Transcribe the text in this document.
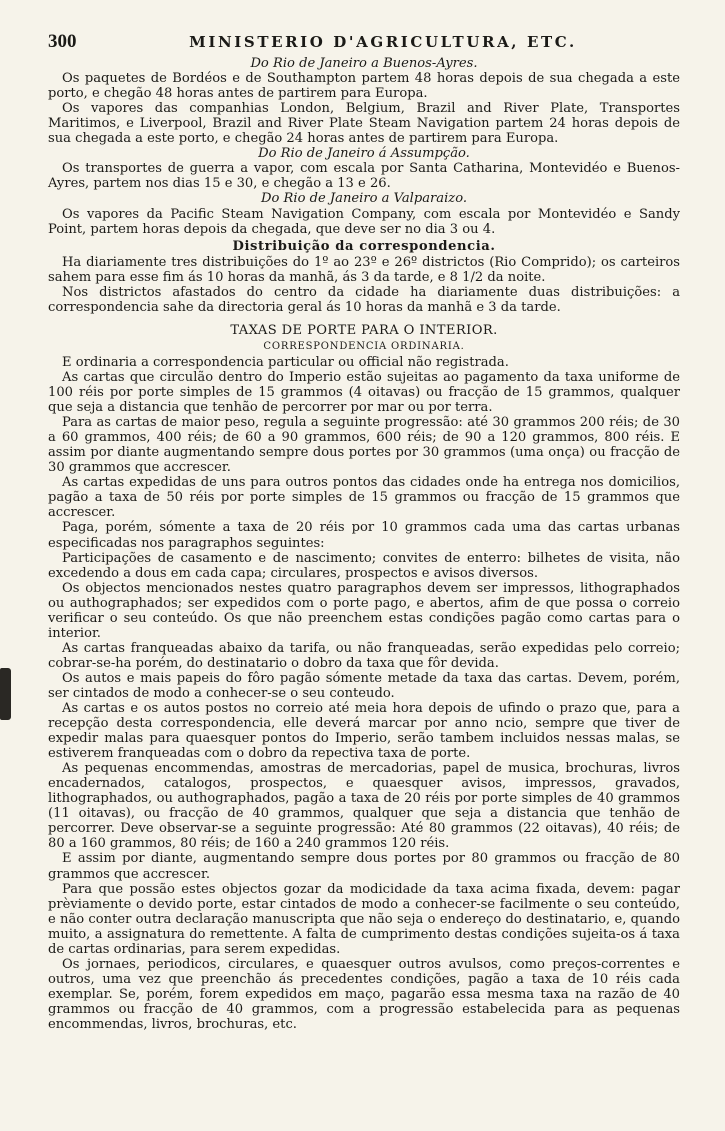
300	MINISTERIO D'AGRICULTURA, ETC.
Do Rio de Janeiro a Buenos-Ayres.

Os paquetes de Bordéos e de Southampton partem 48 horas depois de sua chegada a este porto, e chegão 48 horas antes de partirem para Europa.

Os vapores das companhias London, Belgium, Brazil and River Plate, Transportes Maritimos, e Liverpool, Brazil and River Plate Steam Navigation partem 24 horas depois de sua chegada a este porto, e chegão 24 horas antes de partirem para Europa.

Do Rio de Janeiro á Assumpção.

Os transportes de guerra a vapor, com escala por Santa Catharina, Montevidéo e Buenos-Ayres, partem nos dias 15 e 30, e chegão a 13 e 26.

Do Rio de Janeiro a Valparaizo.

Os vapores da Pacific Steam Navigation Company, com escala por Montevidéo e Sandy Point, partem horas depois da chegada, que deve ser no dia 3 ou 4.

Distribuição da correspondencia.

Ha diariamente tres distribuições do 1º ao 23º e 26º districtos (Rio Comprido); os carteiros sahem para esse fim ás 10 horas da manhã, ás 3 da tarde, e 8 1/2 da noite.

Nos districtos afastados do centro da cidade ha diariamente duas distribuições: a correspondencia sahe da directoria geral ás 10 horas da manhã e 3 da tarde.

TAXAS DE PORTE PARA O INTERIOR.
CORRESPONDENCIA ORDINARIA.

E ordinaria a correspondencia particular ou official não registrada.

As cartas que circulão dentro do Imperio estão sujeitas ao pagamento da taxa uniforme de 100 réis por porte simples de 15 grammos (4 oitavas) ou fracção de 15 grammos, qualquer que seja a distancia que tenhão de percorrer por mar ou por terra.

Para as cartas de maior peso, regula a seguinte progressão: até 30 grammos 200 réis; de 30 a 60 grammos, 400 réis; de 60 a 90 grammos, 600 réis; de 90 a 120 grammos, 800 réis. E assim por diante augmentando sempre dous portes por 30 grammos (uma onça) ou fracção de 30 grammos que accrescer.

As cartas expedidas de uns para outros pontos das cidades onde ha entrega nos domicilios, pagão a taxa de 50 réis por porte simples de 15 grammos ou fracção de 15 grammos que accrescer.

Paga, porém, sómente a taxa de 20 réis por 10 grammos cada uma das cartas urbanas especificadas nos paragraphos seguintes:

Participações de casamento e de nascimento; convites de enterro: bilhetes de visita, não excedendo a dous em cada capa; circulares, prospectos e avisos diversos.

Os objectos mencionados nestes quatro paragraphos devem ser impressos, lithographados ou authographados; ser expedidos com o porte pago, e abertos, afim de que possa o correio verificar o seu conteúdo. Os que não preenchem estas condições pagão como cartas para o interior.

As cartas franqueadas abaixo da tarifa, ou não franqueadas, serão expedidas pelo correio; cobrar-se-ha porém, do destinatario o dobro da taxa que fôr devida.

Os autos e mais papeis do fôro pagão sómente metade da taxa das cartas. Devem, porém, ser cintados de modo a conhecer-se o seu conteudo.

As cartas e os autos postos no correio até meia hora depois de ufindo o prazo que, para a recepção desta correspondencia, elle deverá marcar por anno ncio, sempre que tiver de expedir malas para quaesquer pontos do Imperio, serão tambem incluidos nessas malas, se estiverem franqueadas com o dobro da repectiva taxa de porte.

As pequenas encommendas, amostras de mercadorias, papel de musica, brochuras, livros encadernados, catalogos, prospectos, e quaesquer avisos, impressos, gravados, lithographados, ou authographados, pagão a taxa de 20 réis por porte simples de 40 grammos (11 oitavas), ou fracção de 40 grammos, qualquer que seja a distancia que tenhão de percorrer. Deve observar-se a seguinte progressão: Até 80 grammos (22 oitavas), 40 réis; de 80 a 160 grammos, 80 réis; de 160 a 240 grammos 120 réis.

E assim por diante, augmentando sempre dous portes por 80 grammos ou fracção de 80 grammos que accrescer.

Para que possão estes objectos gozar da modicidade da taxa acima fixada, devem: pagar prèviamente o devido porte, estar cintados de modo a conhecer-se facilmente o seu conteúdo, e não conter outra declaração manuscripta que não seja o endereço do destinatario, e, quando muito, a assignatura do remettente. A falta de cumprimento destas condições sujeita-os á taxa de cartas ordinarias, para serem expedidas.

Os jornaes, periodicos, circulares, e quaesquer outros avulsos, como preços-correntes e outros, uma vez que preenchão ás precedentes condições, pagão a taxa de 10 réis cada exemplar. Se, porém, forem expedidos em maço, pagarão essa mesma taxa na razão de 40 grammos ou fracção de 40 grammos, com a progressão estabelecida para as pequenas encommendas, livros, brochuras, etc.
